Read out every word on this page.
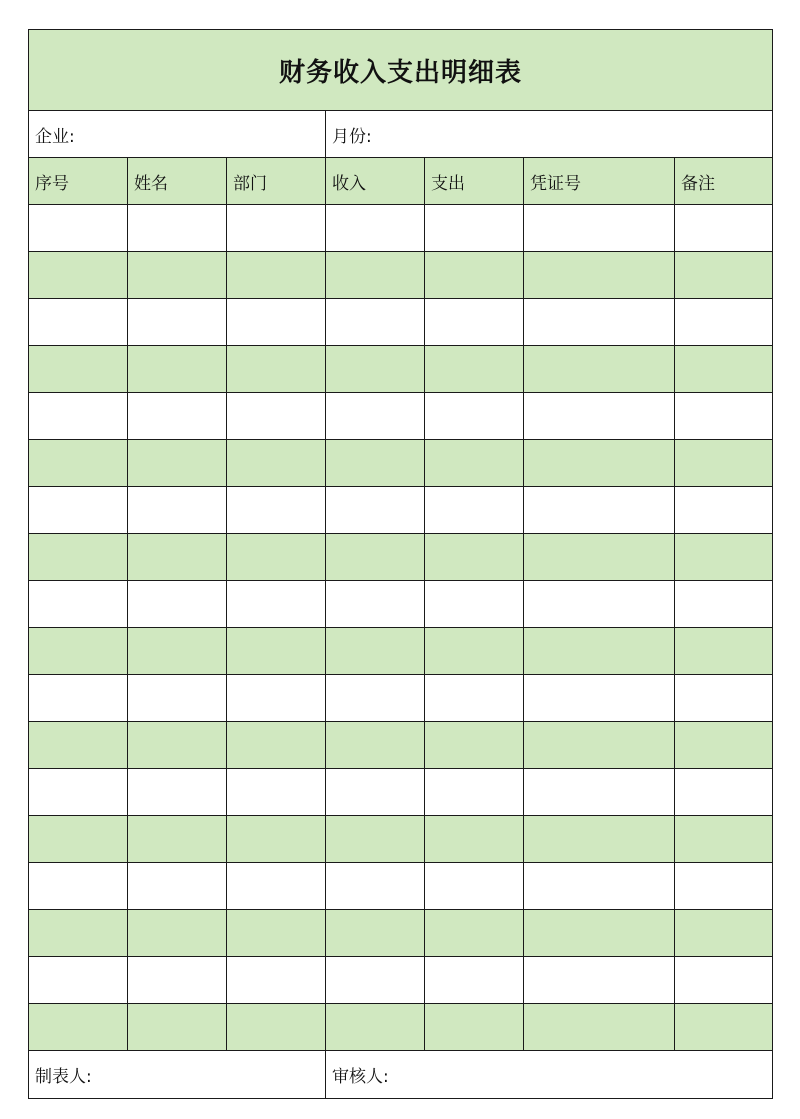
财务收入支出明细表						
企业:			月份:			
序号	姓名	部门	收入	支出	凭证号	备注

制表人:			审核人:			
